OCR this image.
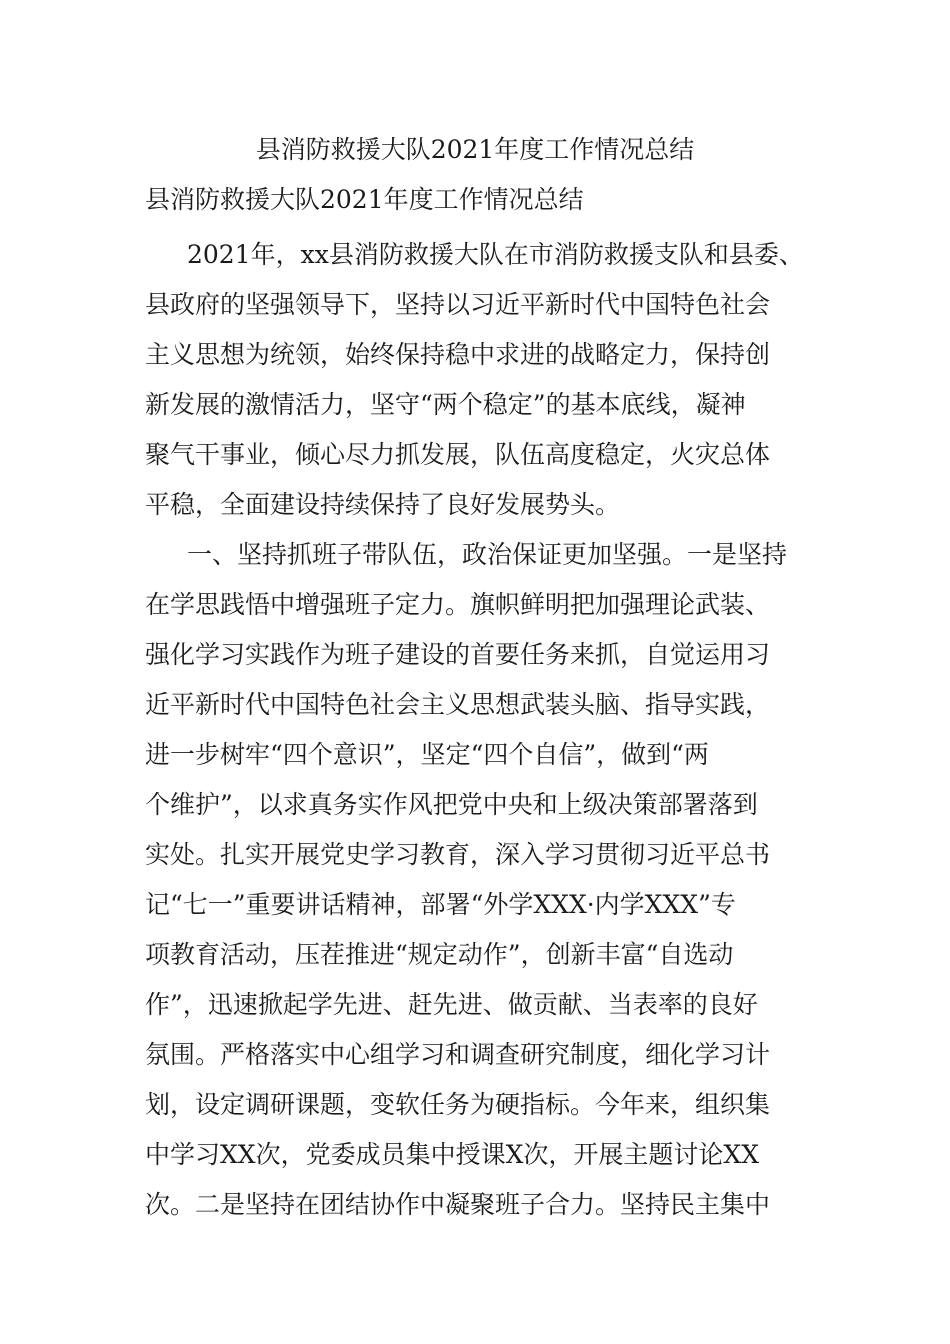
县消防救援大队2021年度工作情况总结
县消防救援大队2021年度工作情况总结
2021年，xx县消防救援大队在市消防救援支队和县委、
县政府的坚强领导下，坚持以习近平新时代中国特色社会
主义思想为统领，始终保持稳中求进的战略定力，保持创
新发展的激情活力，坚守“两个稳定”的基本底线，凝神
聚气干事业，倾心尽力抓发展，队伍高度稳定，火灾总体
平稳，全面建设持续保持了良好发展势头。
一、坚持抓班子带队伍，政治保证更加坚强。一是坚持
在学思践悟中增强班子定力。旗帜鲜明把加强理论武装、
强化学习实践作为班子建设的首要任务来抓，自觉运用习
近平新时代中国特色社会主义思想武装头脑、指导实践，
进一步树牢“四个意识”，坚定“四个自信”，做到“两
个维护”，以求真务实作风把党中央和上级决策部署落到
实处。扎实开展党史学习教育，深入学习贯彻习近平总书
记“七一”重要讲话精神，部署“外学XXX·内学XXX”专
项教育活动，压茬推进“规定动作”，创新丰富“自选动
作”，迅速掀起学先进、赶先进、做贡献、当表率的良好
氛围。严格落实中心组学习和调查研究制度，细化学习计
划，设定调研课题，变软任务为硬指标。今年来，组织集
中学习XX次，党委成员集中授课X次，开展主题讨论XX
次。二是坚持在团结协作中凝聚班子合力。坚持民主集中
